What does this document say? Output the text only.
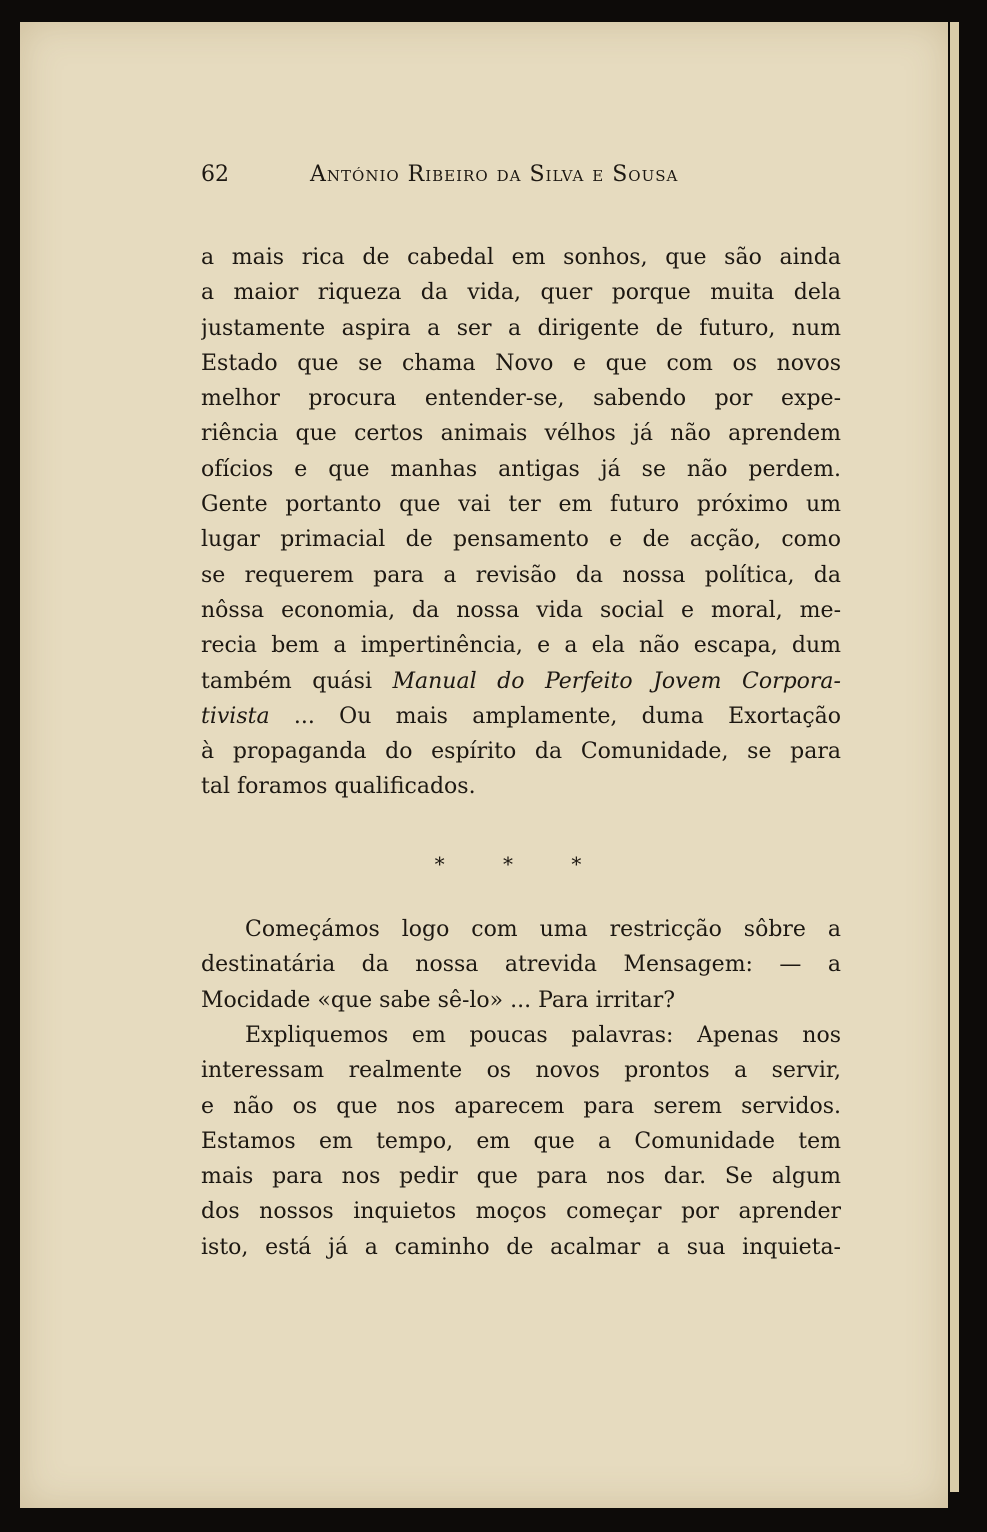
62	António Ribeiro da Silva e Sousa
a mais rica de cabedal em sonhos, que são ainda
a maior riqueza da vida, quer porque muita dela
justamente aspira a ser a dirigente de futuro, num
Estado que se chama Novo e que com os novos
melhor procura entender-se, sabendo por expe-
riência que certos animais vélhos já não aprendem
ofícios e que manhas antigas já se não perdem.
Gente portanto que vai ter em futuro próximo um
lugar primacial de pensamento e de acção, como
se requerem para a revisão da nossa política, da
nôssa economia, da nossa vida social e moral, me-
recia bem a impertinência, e a ela não escapa, dum
também quási Manual do Perfeito Jovem Corpora-
tivista ... Ou mais amplamente, duma Exortação
à propaganda do espírito da Comunidade, se para
tal foramos qualificados.
* * *
Começámos logo com uma restricção sôbre a
destinatária da nossa atrevida Mensagem: — a
Mocidade «que sabe sê-lo» ... Para irritar?
Expliquemos em poucas palavras: Apenas nos
interessam realmente os novos prontos a servir,
e não os que nos aparecem para serem servidos.
Estamos em tempo, em que a Comunidade tem
mais para nos pedir que para nos dar. Se algum
dos nossos inquietos moços começar por aprender
isto, está já a caminho de acalmar a sua inquieta-
